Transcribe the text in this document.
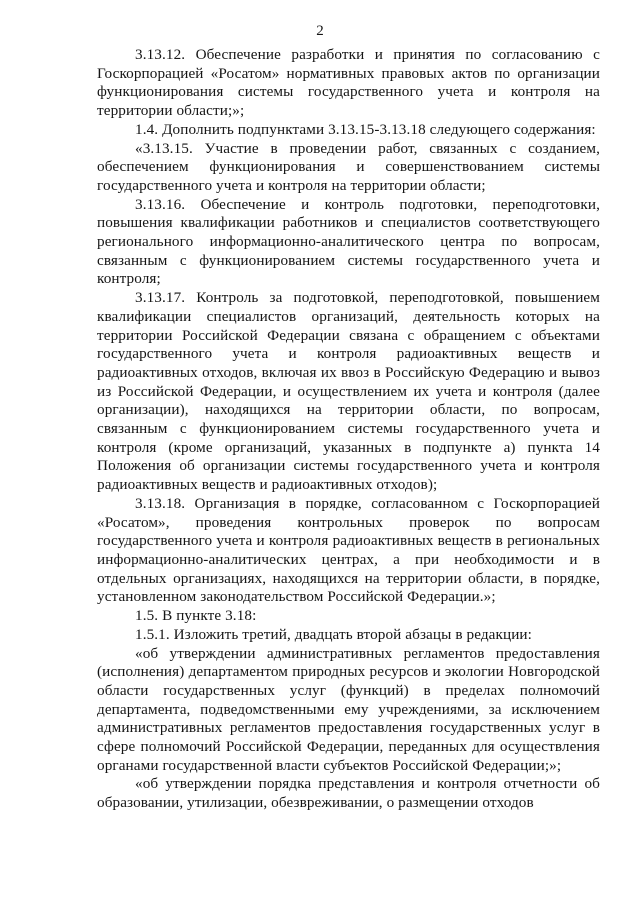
2

3.13.12. Обеспечение разработки и принятия по согласованию с Госкорпорацией «Росатом» нормативных правовых актов по организации функционирования системы государственного учета и контроля на территории области;»;

1.4. Дополнить подпунктами 3.13.15-3.13.18 следующего содержания:

«3.13.15. Участие в проведении работ, связанных с созданием, обеспечением функционирования и совершенствованием системы государственного учета и контроля на территории области;

3.13.16. Обеспечение и контроль подготовки, переподготовки, повышения квалификации работников и специалистов соответствующего регионального информационно-аналитического центра по вопросам, связанным с функционированием системы государственного учета и контроля;

3.13.17. Контроль за подготовкой, переподготовкой, повышением квалификации специалистов организаций, деятельность которых на территории Российской Федерации связана с обращением с объектами государственного учета и контроля радиоактивных веществ и радиоактивных отходов, включая их ввоз в Российскую Федерацию и вывоз из Российской Федерации, и осуществлением их учета и контроля (далее организации), находящихся на территории области, по вопросам, связанным с функционированием системы государственного учета и контроля (кроме организаций, указанных в подпункте а) пункта 14 Положения об организации системы государственного учета и контроля радиоактивных веществ и радиоактивных отходов);

3.13.18. Организация в порядке, согласованном с Госкорпорацией «Росатом», проведения контрольных проверок по вопросам государственного учета и контроля радиоактивных веществ в региональных информационно-аналитических центрах, а при необходимости и в отдельных организациях, находящихся на территории области, в порядке, установленном законодательством Российской Федерации.»;

1.5. В пункте 3.18:

1.5.1. Изложить третий, двадцать второй абзацы в редакции:

«об утверждении административных регламентов предоставления (исполнения) департаментом природных ресурсов и экологии Новгородской области государственных услуг (функций) в пределах полномочий департамента, подведомственными ему учреждениями, за исключением административных регламентов предоставления государственных услуг в сфере полномочий Российской Федерации, переданных для осуществления органами государственной власти субъектов Российской Федерации;»;

«об утверждении порядка представления и контроля отчетности об образовании, утилизации, обезвреживании, о размещении отходов
